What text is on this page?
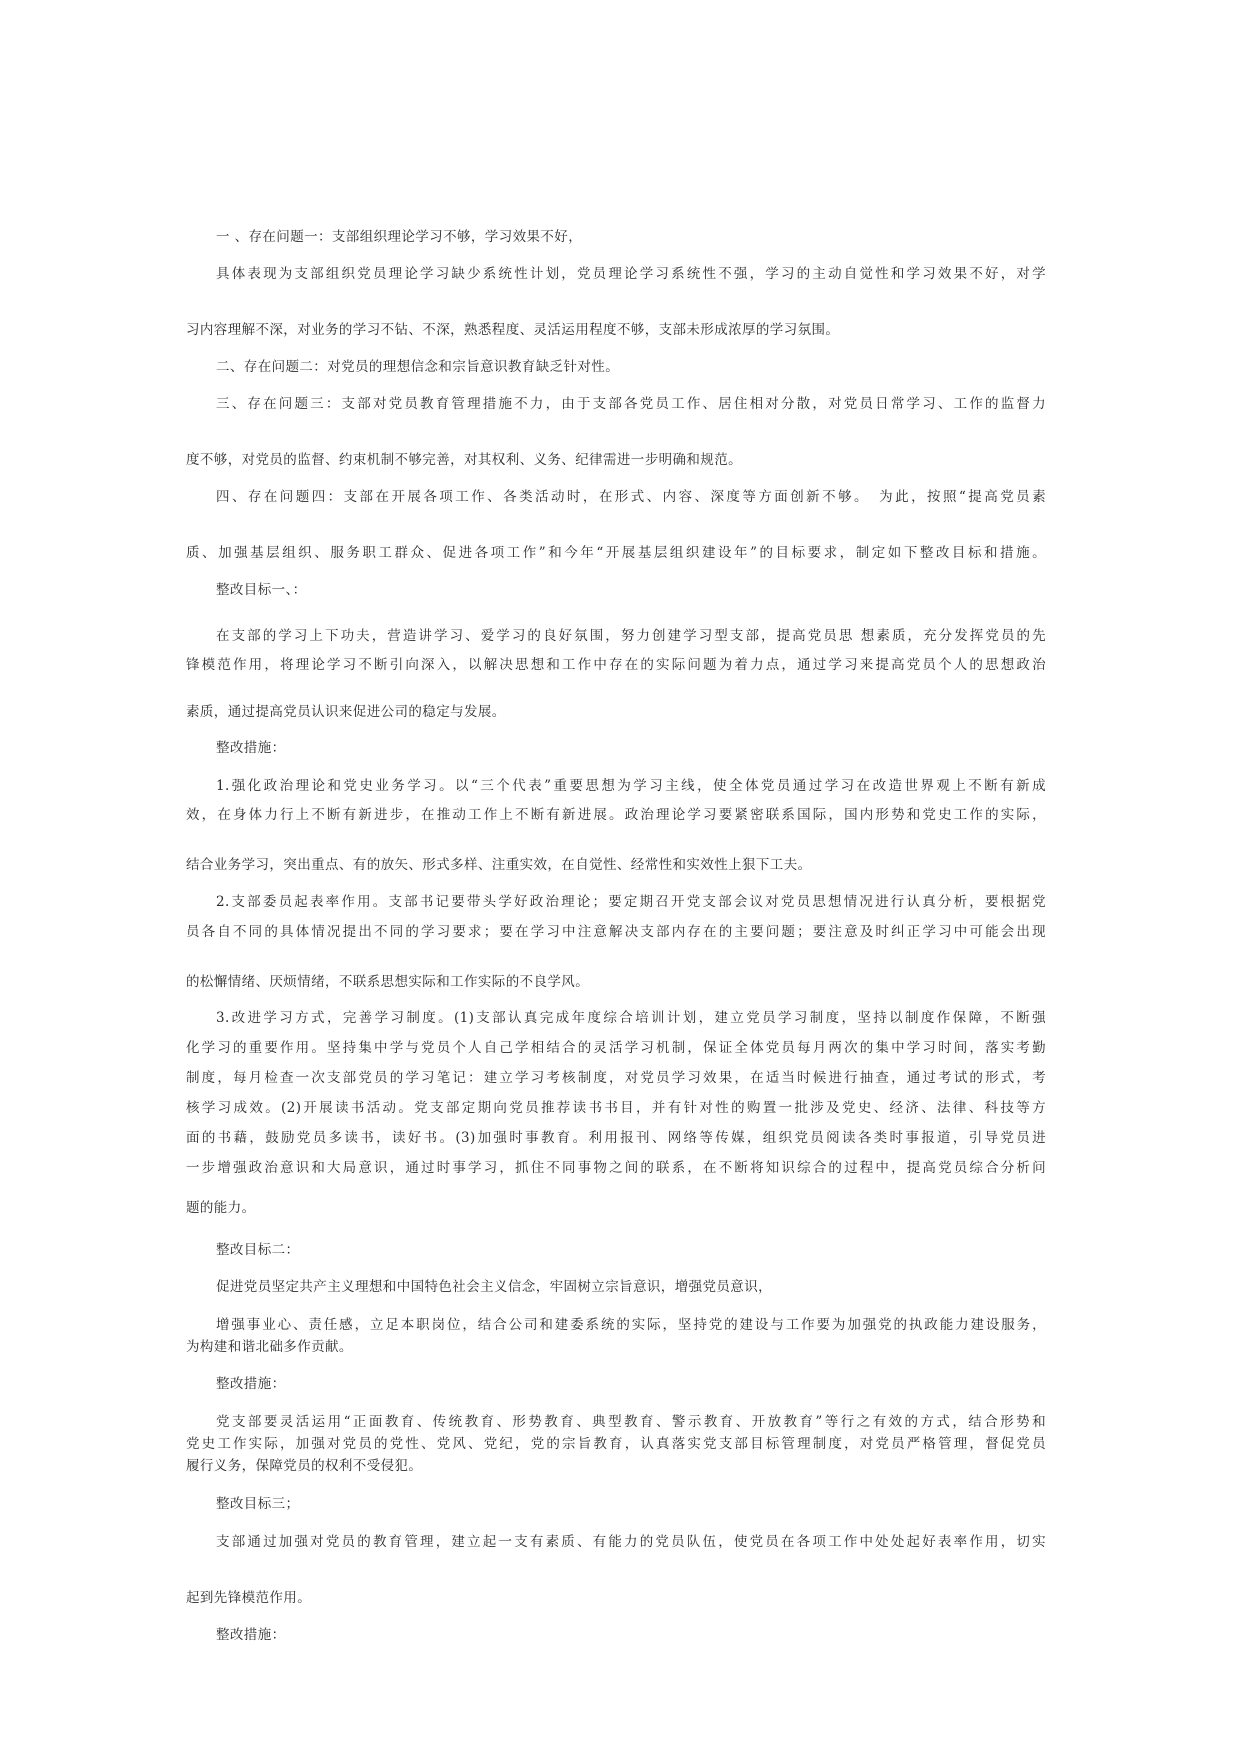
一 、存在问题一：支部组织理论学习不够，学习效果不好，
具体表现为支部组织党员理论学习缺少系统性计划，党员理论学习系统性不强，学习的主动自觉性和学习效果不好，对学
习内容理解不深，对业务的学习不钻、不深，熟悉程度、灵活运用程度不够，支部未形成浓厚的学习氛围。
二、存在问题二：对党员的理想信念和宗旨意识教育缺乏针对性。
三、存在问题三：支部对党员教育管理措施不力，由于支部各党员工作、居住相对分散，对党员日常学习、工作的监督力
度不够，对党员的监督、约束机制不够完善，对其权利、义务、纪律需进一步明确和规范。
四、存在问题四：支部在开展各项工作、各类活动时，在形式、内容、深度等方面创新不够。　为此，按照“提高党员素
质、加强基层组织、服务职工群众、促进各项工作”和今年“开展基层组织建设年”的目标要求，制定如下整改目标和措施。
整改目标一、：
在支部的学习上下功夫，营造讲学习、爱学习的良好氛围，努力创建学习型支部，提高党员思 想素质，充分发挥党员的先
锋模范作用，将理论学习不断引向深入，以解决思想和工作中存在的实际问题为着力点，通过学习来提高党员个人的思想政治
素质，通过提高党员认识来促进公司的稳定与发展。
整改措施：
1.强化政治理论和党史业务学习。以“三个代表”重要思想为学习主线，使全体党员通过学习在改造世界观上不断有新成
效，在身体力行上不断有新进步，在推动工作上不断有新进展。政治理论学习要紧密联系国际，国内形势和党史工作的实际，
结合业务学习，突出重点、有的放矢、形式多样、注重实效，在自觉性、经常性和实效性上狠下工夫。
2.支部委员起表率作用。支部书记要带头学好政治理论；要定期召开党支部会议对党员思想情况进行认真分析，要根据党
员各自不同的具体情况提出不同的学习要求；要在学习中注意解决支部内存在的主要问题；要注意及时纠正学习中可能会出现
的松懈情绪、厌烦情绪，不联系思想实际和工作实际的不良学风。
3.改进学习方式，完善学习制度。(1)支部认真完成年度综合培训计划，建立党员学习制度，坚持以制度作保障，不断强
化学习的重要作用。坚持集中学与党员个人自己学相结合的灵活学习机制，保证全体党员每月两次的集中学习时间，落实考勤
制度，每月检查一次支部党员的学习笔记：建立学习考核制度，对党员学习效果，在适当时候进行抽查，通过考试的形式，考
核学习成效。(2)开展读书活动。党支部定期向党员推荐读书书目，并有针对性的购置一批涉及党史、经济、法律、科技等方
面的书藉，鼓励党员多读书，读好书。(3)加强时事教育。利用报刊、网络等传媒，组织党员阅读各类时事报道，引导党员进
一步增强政治意识和大局意识，通过时事学习，抓住不同事物之间的联系，在不断将知识综合的过程中，提高党员综合分析问
题的能力。
整改目标二：
促进党员坚定共产主义理想和中国特色社会主义信念，牢固树立宗旨意识，增强党员意识，
增强事业心、责任感，立足本职岗位，结合公司和建委系统的实际，坚持党的建设与工作要为加强党的执政能力建设服务，
为构建和谐北础多作贡献。
整改措施：
党支部要灵活运用“正面教育、传统教育、形势教育、典型教育、警示教育、开放教育”等行之有效的方式，结合形势和
党史工作实际，加强对党员的党性、党风、党纪，党的宗旨教育，认真落实党支部目标管理制度，对党员严格管理，督促党员
履行义务，保障党员的权利不受侵犯。
整改目标三；
支部通过加强对党员的教育管理，建立起一支有素质、有能力的党员队伍，使党员在各项工作中处处起好表率作用，切实
起到先锋模范作用。
整改措施：
